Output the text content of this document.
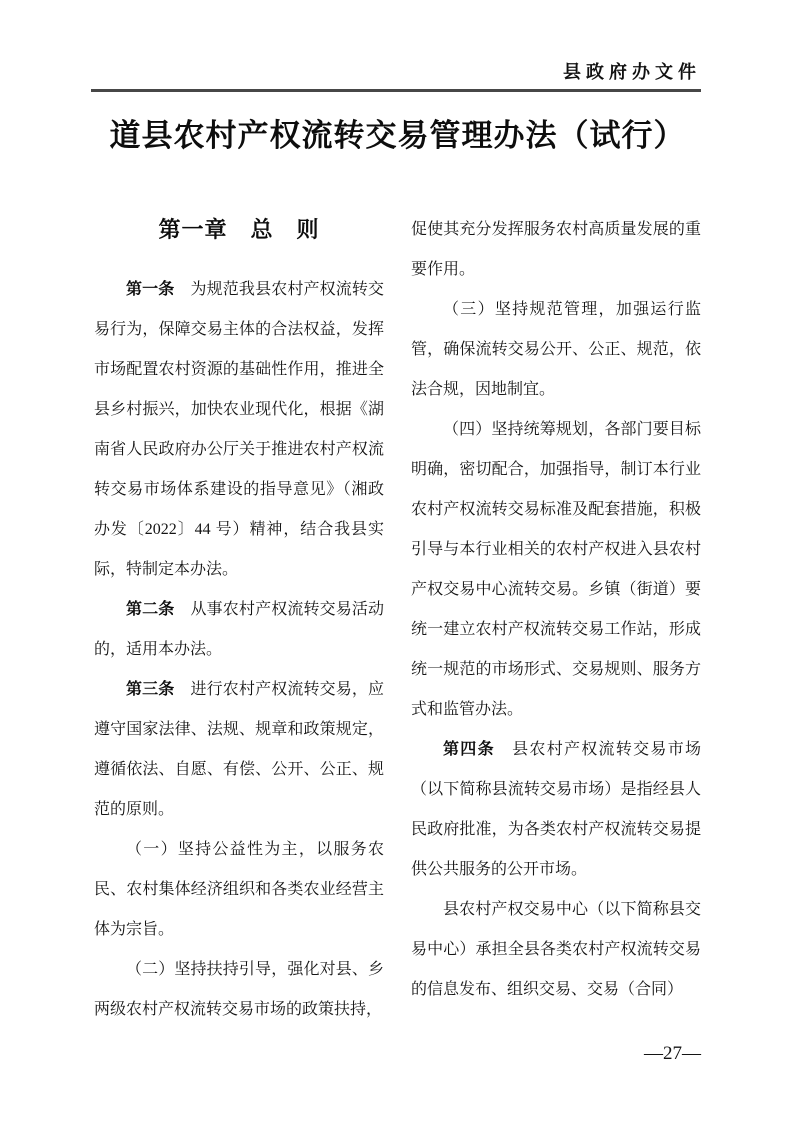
县政府办文件
道县农村产权流转交易管理办法（试行）
第一章　总　则

第一条　为规范我县农村产权流转交易行为，保障交易主体的合法权益，发挥市场配置农村资源的基础性作用，推进全县乡村振兴，加快农业现代化，根据《湖南省人民政府办公厅关于推进农村产权流转交易市场体系建设的指导意见》（湘政办发〔2022〕44 号）精神，结合我县实际，特制定本办法。

第二条　从事农村产权流转交易活动的，适用本办法。

第三条　进行农村产权流转交易，应遵守国家法律、法规、规章和政策规定，遵循依法、自愿、有偿、公开、公正、规范的原则。

（一）坚持公益性为主，以服务农民、农村集体经济组织和各类农业经营主体为宗旨。

（二）坚持扶持引导，强化对县、乡两级农村产权流转交易市场的政策扶持，

促使其充分发挥服务农村高质量发展的重要作用。

（三）坚持规范管理，加强运行监管，确保流转交易公开、公正、规范，依法合规，因地制宜。

（四）坚持统筹规划，各部门要目标明确，密切配合，加强指导，制订本行业农村产权流转交易标准及配套措施，积极引导与本行业相关的农村产权进入县农村产权交易中心流转交易。乡镇（街道）要统一建立农村产权流转交易工作站，形成统一规范的市场形式、交易规则、服务方式和监管办法。

第四条　县农村产权流转交易市场（以下简称县流转交易市场）是指经县人民政府批准，为各类农村产权流转交易提供公共服务的公开市场。

县农村产权交易中心（以下简称县交易中心）承担全县各类农村产权流转交易的信息发布、组织交易、交易（合同）

—27—
